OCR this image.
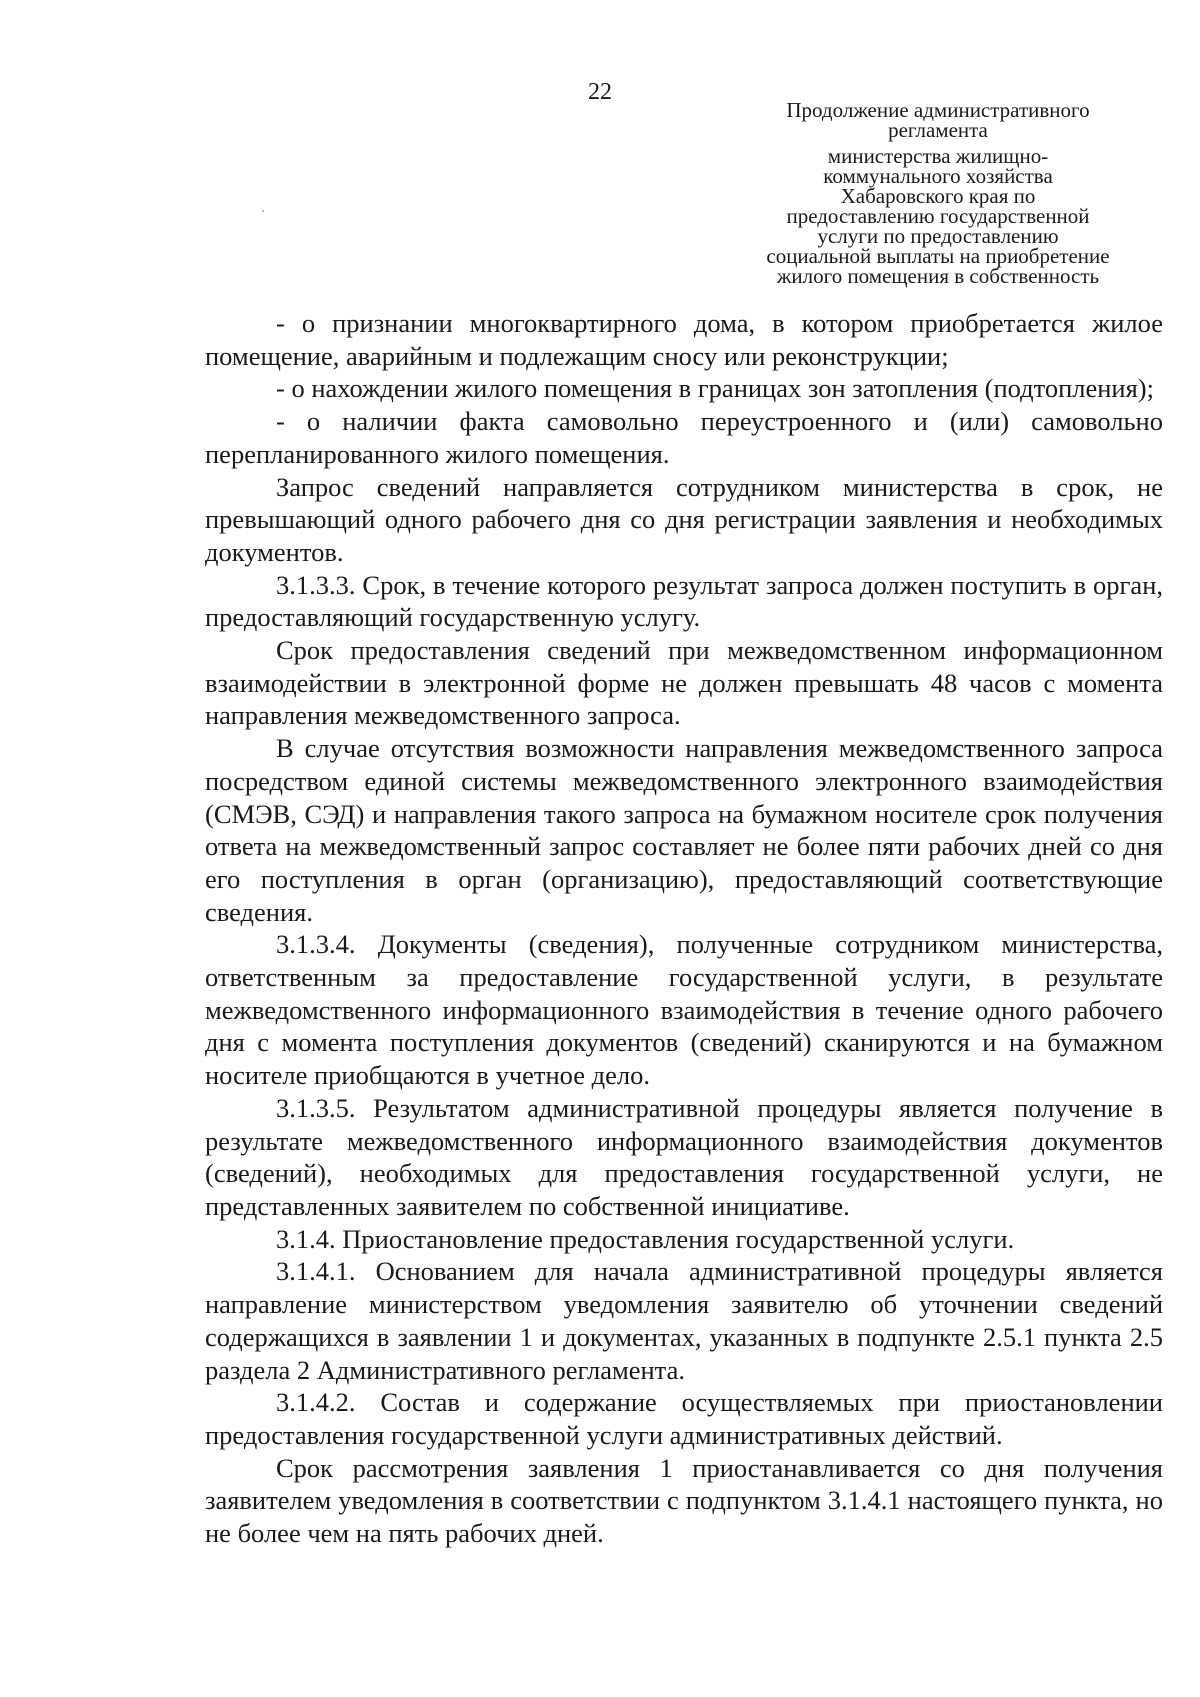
22
Продолжение административного
регламента
министерства жилищно-
коммунального хозяйства
Хабаровского края по
предоставлению государственной
услуги по предоставлению
социальной выплаты на приобретение
жилого помещения в собственность

- о признании многоквартирного дома, в котором приобретается жилое помещение, аварийным и подлежащим сносу или реконструкции;

- о нахождении жилого помещения в границах зон затопления (подтопления);

- о наличии факта самовольно переустроенного и (или) самовольно перепланированного жилого помещения.

Запрос сведений направляется сотрудником министерства в срок, не превышающий одного рабочего дня со дня регистрации заявления и необходимых документов.

3.1.3.3. Срок, в течение которого результат запроса должен поступить в орган, предоставляющий государственную услугу.

Срок предоставления сведений при межведомственном информационном взаимодействии в электронной форме не должен превышать 48 часов с момента направления межведомственного запроса.

В случае отсутствия возможности направления межведомственного запроса посредством единой системы межведомственного электронного взаимодействия (СМЭВ, СЭД) и направления такого запроса на бумажном носителе срок получения ответа на межведомственный запрос составляет не более пяти рабочих дней со дня его поступления в орган (организацию), предоставляющий соответствующие сведения.

3.1.3.4. Документы (сведения), полученные сотрудником министерства, ответственным за предоставление государственной услуги, в результате межведомственного информационного взаимодействия в течение одного рабочего дня с момента поступления документов (сведений) сканируются и на бумажном носителе приобщаются в учетное дело.

3.1.3.5. Результатом административной процедуры является получение в результате межведомственного информационного взаимодействия документов (сведений), необходимых для предоставления государственной услуги, не представленных заявителем по собственной инициативе.

3.1.4. Приостановление предоставления государственной услуги.

3.1.4.1. Основанием для начала административной процедуры является направление министерством уведомления заявителю об уточнении сведений содержащихся в заявлении 1 и документах, указанных в подпункте 2.5.1 пункта 2.5 раздела 2 Административного регламента.

3.1.4.2. Состав и содержание осуществляемых при приостановлении предоставления государственной услуги административных действий.

Срок рассмотрения заявления 1 приостанавливается со дня получения заявителем уведомления в соответствии с подпунктом 3.1.4.1 настоящего пункта, но не более чем на пять рабочих дней.
